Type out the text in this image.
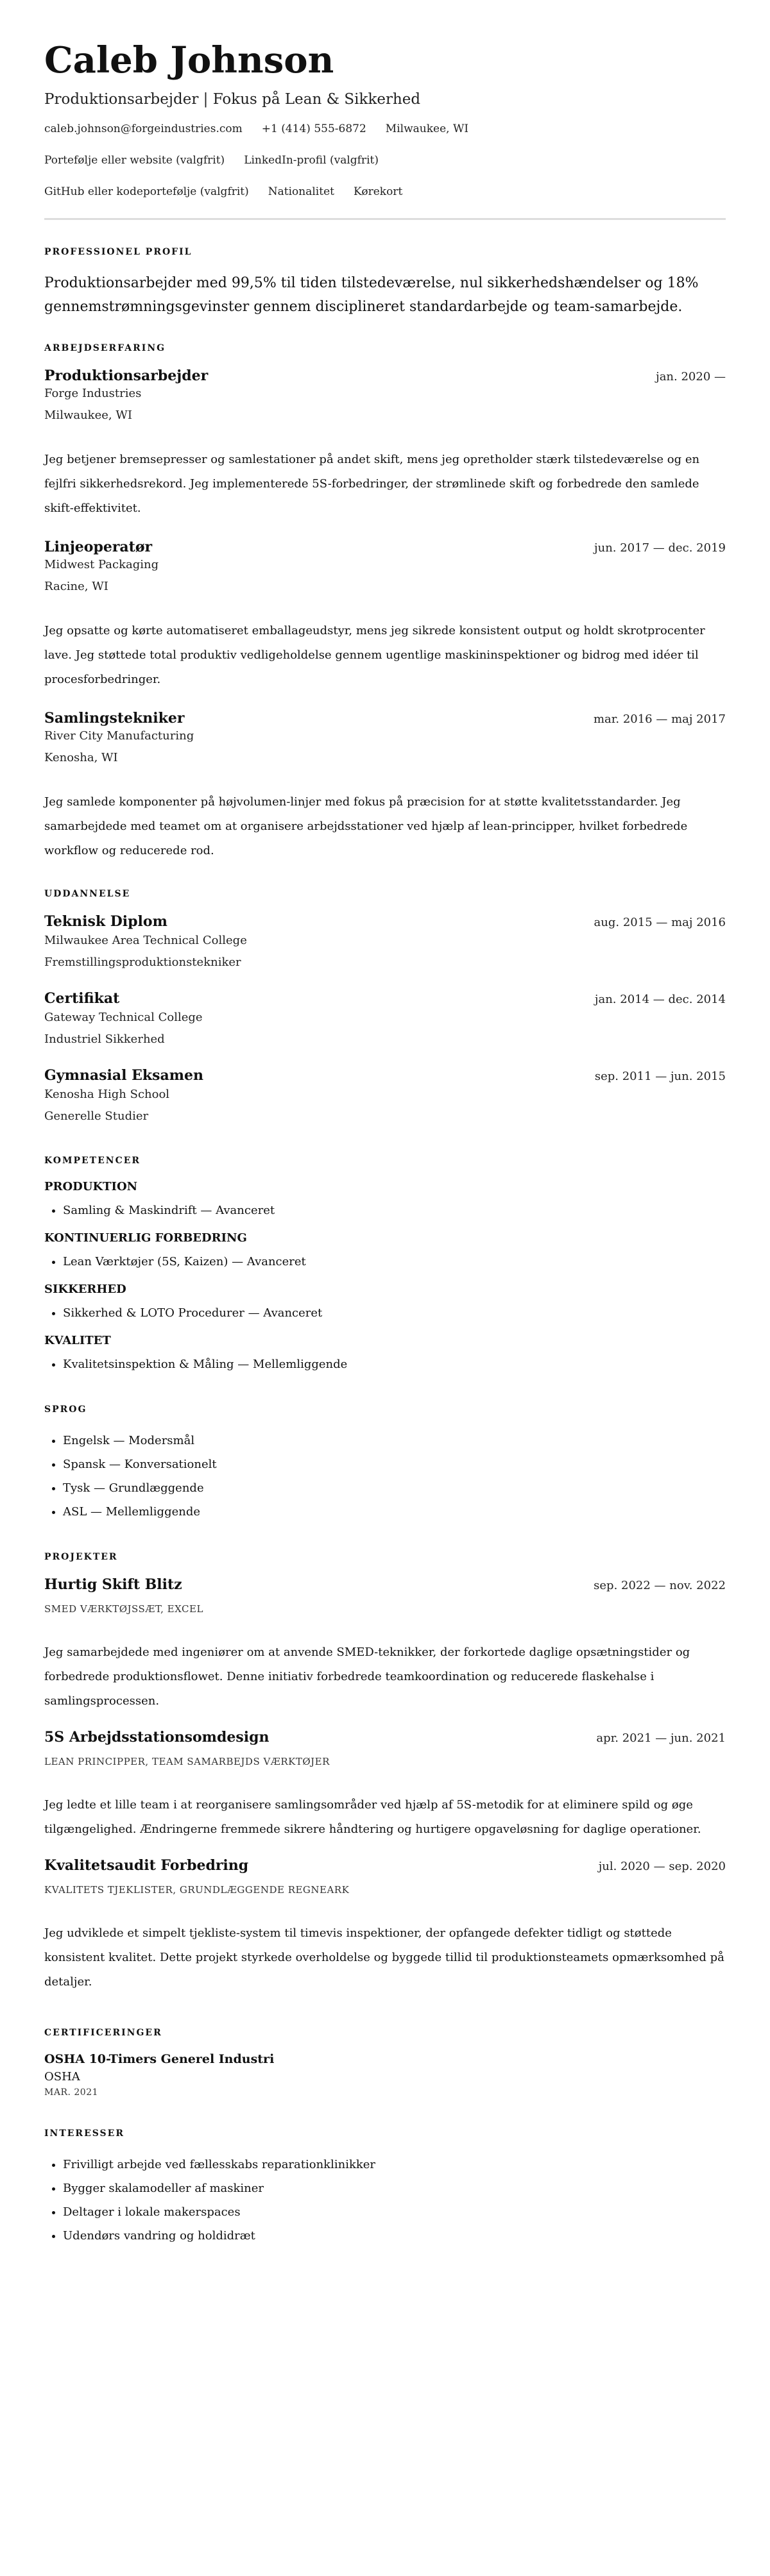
Caleb Johnson
Produktionsarbejder | Fokus på Lean & Sikkerhed
caleb.johnson@forgeindustries.com +1 (414) 555-6872 Milwaukee, WI
Portefølje eller website (valgfrit) LinkedIn-profil (valgfrit)
GitHub eller kodeportefølje (valgfrit) Nationalitet Kørekort
PROFESSIONEL PROFIL

Produktionsarbejder med 99,5% til tiden tilstedeværelse, nul sikkerhedshændelser og 18% gennemstrømningsgevinster gennem disciplineret standardarbejde og team-samarbejde.

ARBEJDSERFARING
Produktionsarbejder	jan. 2020 —
Forge Industries
Milwaukee, WI

Jeg betjener bremsepresser og samlestationer på andet skift, mens jeg opretholder stærk tilstedeværelse og en fejlfri sikkerhedsrekord. Jeg implementerede 5S-forbedringer, der strømlinede skift og forbedrede den samlede skift-effektivitet.

Linjeoperatør	jun. 2017 — dec. 2019
Midwest Packaging
Racine, WI

Jeg opsatte og kørte automatiseret emballageudstyr, mens jeg sikrede konsistent output og holdt skrotprocenter lave. Jeg støttede total produktiv vedligeholdelse gennem ugentlige maskininspektioner og bidrog med idéer til procesforbedringer.

Samlingstekniker	mar. 2016 — maj 2017
River City Manufacturing
Kenosha, WI

Jeg samlede komponenter på højvolumen-linjer med fokus på præcision for at støtte kvalitetsstandarder. Jeg samarbejdede med teamet om at organisere arbejdsstationer ved hjælp af lean-principper, hvilket forbedrede workflow og reducerede rod.

UDDANNELSE
Teknisk Diplom	aug. 2015 — maj 2016
Milwaukee Area Technical College
Fremstillingsproduktionstekniker
Certifikat	jan. 2014 — dec. 2014
Gateway Technical College
Industriel Sikkerhed
Gymnasial Eksamen	sep. 2011 — jun. 2015
Kenosha High School
Generelle Studier
KOMPETENCER
PRODUKTION
• Samling & Maskindrift — Avanceret
KONTINUERLIG FORBEDRING
• Lean Værktøjer (5S, Kaizen) — Avanceret
SIKKERHED
• Sikkerhed & LOTO Procedurer — Avanceret
KVALITET
• Kvalitetsinspektion & Måling — Mellemliggende
SPROG
• Engelsk — Modersmål
• Spansk — Konversationelt
• Tysk — Grundlæggende
• ASL — Mellemliggende
PROJEKTER
Hurtig Skift Blitz	sep. 2022 — nov. 2022
SMED VÆRKTØJSSÆT, EXCEL

Jeg samarbejdede med ingeniører om at anvende SMED-teknikker, der forkortede daglige opsætningstider og forbedrede produktionsflowet. Denne initiativ forbedrede teamkoordination og reducerede flaskehalse i samlingsprocessen.

5S Arbejdsstationsomdesign	apr. 2021 — jun. 2021
LEAN PRINCIPPER, TEAM SAMARBEJDS VÆRKTØJER

Jeg ledte et lille team i at reorganisere samlingsområder ved hjælp af 5S-metodik for at eliminere spild og øge tilgængelighed. Ændringerne fremmede sikrere håndtering og hurtigere opgaveløsning for daglige operationer.

Kvalitetsaudit Forbedring	jul. 2020 — sep. 2020
KVALITETS TJEKLISTER, GRUNDLÆGGENDE REGNEARK

Jeg udviklede et simpelt tjekliste-system til timevis inspektioner, der opfangede defekter tidligt og støttede konsistent kvalitet. Dette projekt styrkede overholdelse og byggede tillid til produktionsteamets opmærksomhed på detaljer.

CERTIFICERINGER
OSHA 10-Timers Generel Industri
OSHA
MAR. 2021
INTERESSER
• Frivilligt arbejde ved fællesskabs reparationklinikker
• Bygger skalamodeller af maskiner
• Deltager i lokale makerspaces
• Udendørs vandring og holdidræt
